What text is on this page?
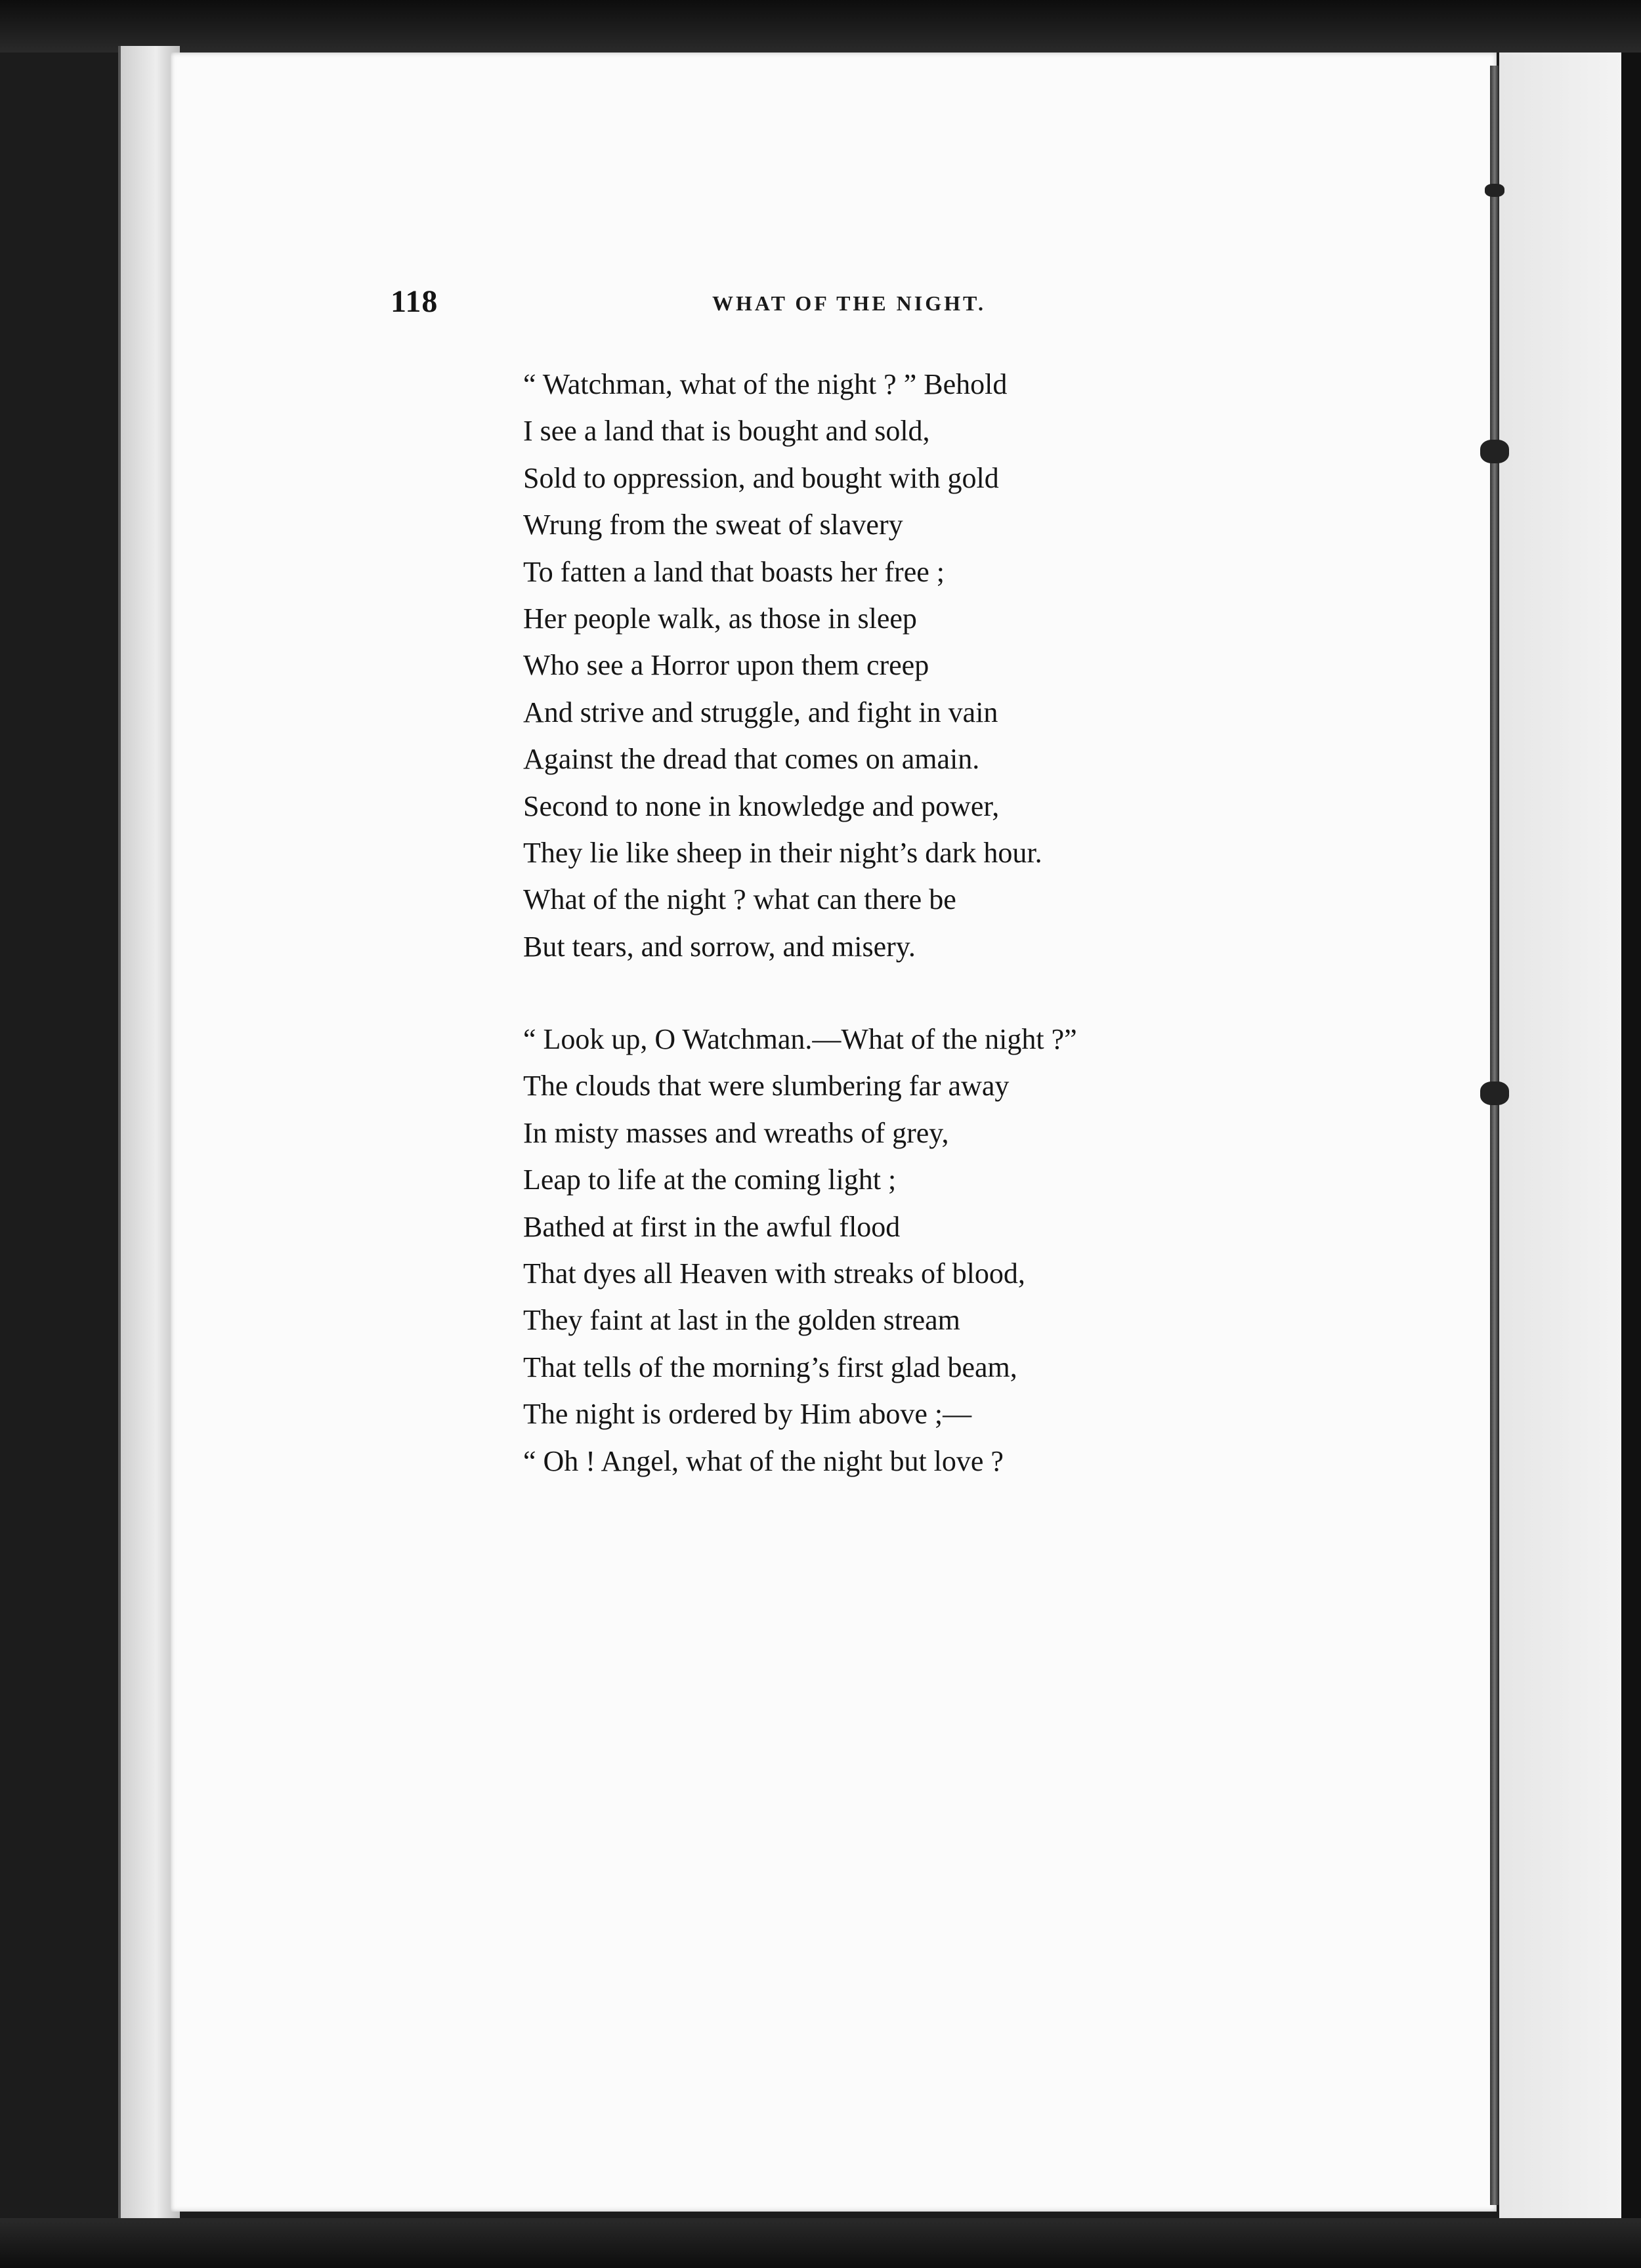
118	WHAT OF THE NIGHT.
“ Watchman, what of the night ? ” Behold
I see a land that is bought and sold,
Sold to oppression, and bought with gold
Wrung from the sweat of slavery
To fatten a land that boasts her free ;
Her people walk, as those in sleep
Who see a Horror upon them creep
And strive and struggle, and fight in vain
Against the dread that comes on amain.
Second to none in knowledge and power,
They lie like sheep in their night’s dark hour.
What of the night ? what can there be
But tears, and sorrow, and misery.
“ Look up, O Watchman.—What of the night ?”
The clouds that were slumbering far away
In misty masses and wreaths of grey,
Leap to life at the coming light ;
Bathed at first in the awful flood
That dyes all Heaven with streaks of blood,
They faint at last in the golden stream
That tells of the morning’s first glad beam,
The night is ordered by Him above ;—
“ Oh ! Angel, what of the night but love ?
